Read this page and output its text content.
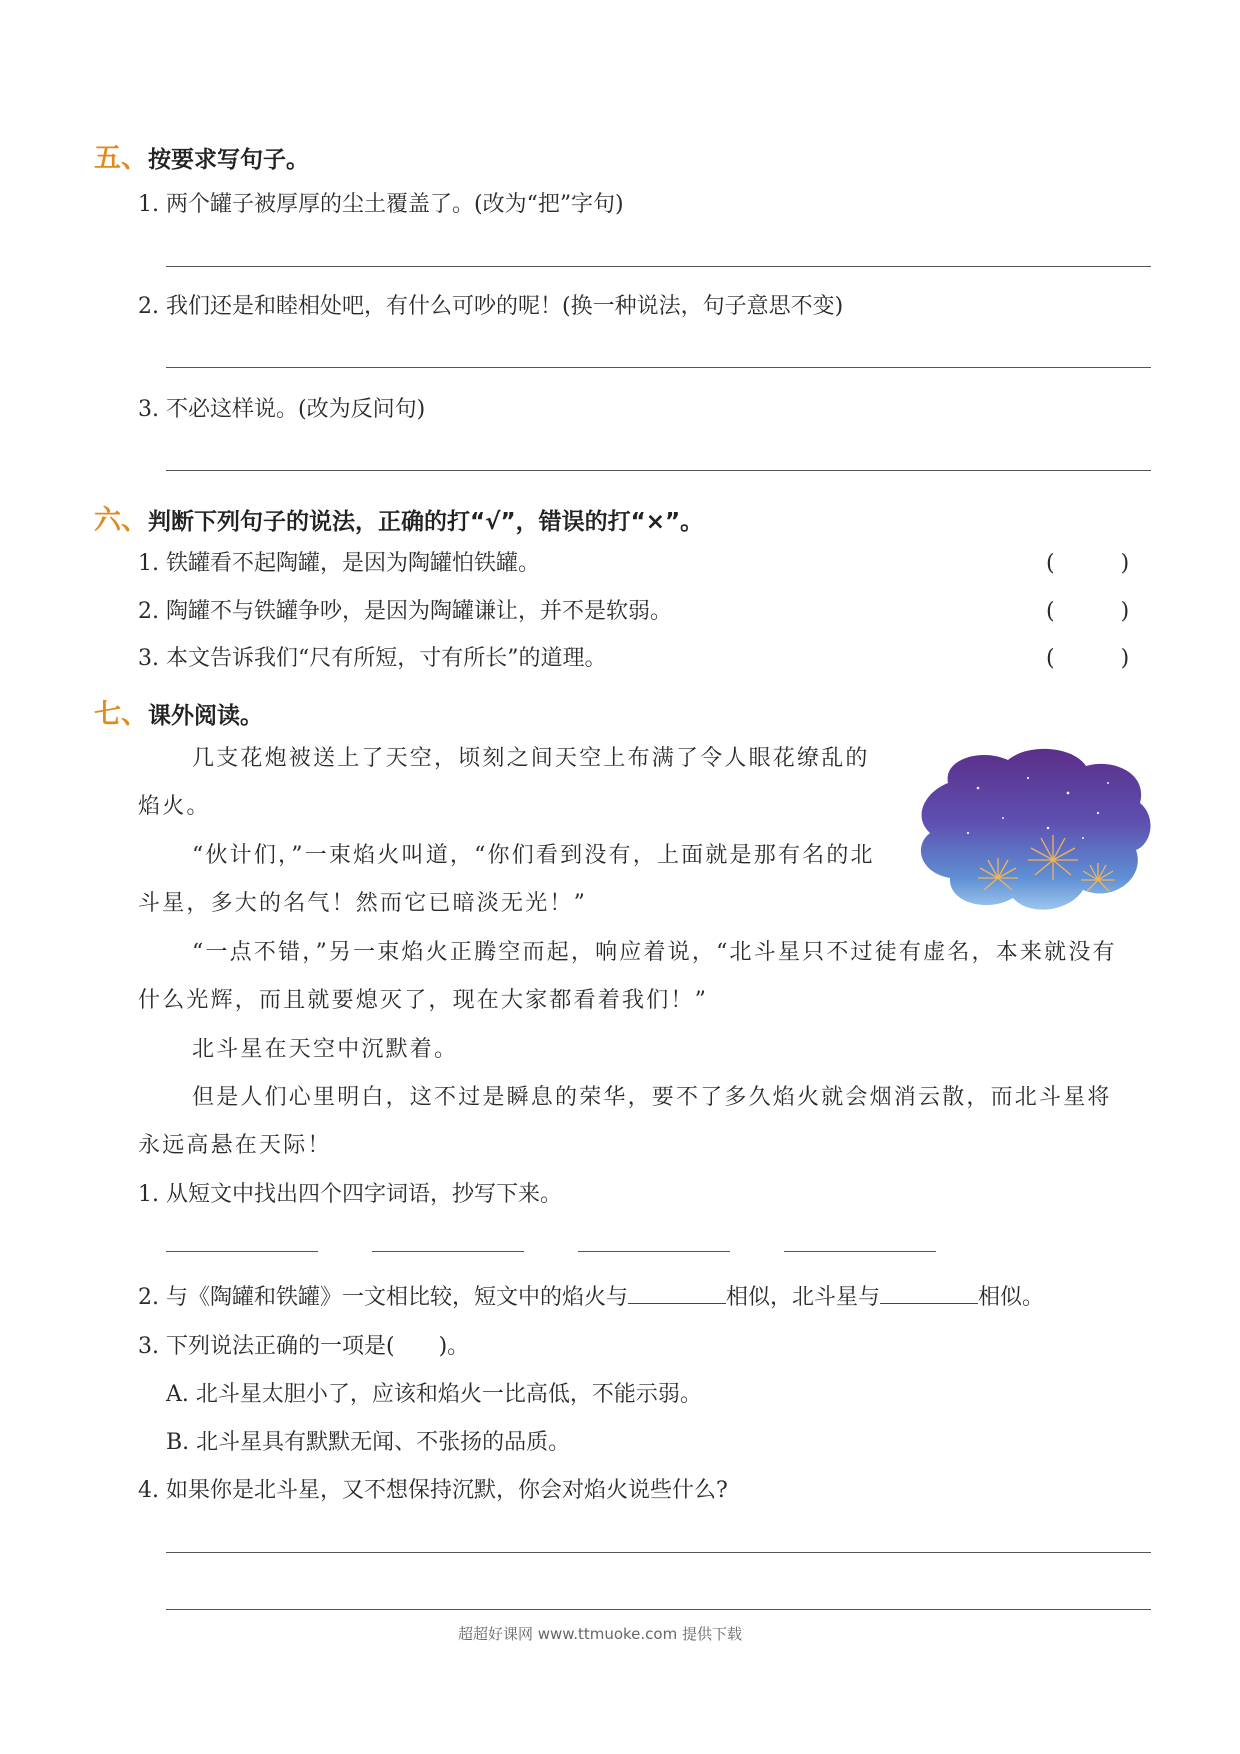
五、按要求写句子。
1. 两个罐子被厚厚的尘土覆盖了。(改为“把”字句)
2. 我们还是和睦相处吧，有什么可吵的呢！(换一种说法，句子意思不变)
3. 不必这样说。(改为反问句)
六、判断下列句子的说法，正确的打“√”，错误的打“×”。
1. 铁罐看不起陶罐，是因为陶罐怕铁罐。	(　　　)
2. 陶罐不与铁罐争吵，是因为陶罐谦让，并不是软弱。	(　　　)
3. 本文告诉我们“尺有所短，寸有所长”的道理。	(　　　)
七、课外阅读。
几支花炮被送上了天空，顷刻之间天空上布满了令人眼花缭乱的
焰火。
“伙计们，”一束焰火叫道，“你们看到没有，上面就是那有名的北
斗星，多大的名气！然而它已暗淡无光！”
“一点不错，”另一束焰火正腾空而起，响应着说，“北斗星只不过徒有虚名，本来就没有
什么光辉，而且就要熄灭了，现在大家都看着我们！”
北斗星在天空中沉默着。
但是人们心里明白，这不过是瞬息的荣华，要不了多久焰火就会烟消云散，而北斗星将
永远高悬在天际！
1. 从短文中找出四个四字词语，抄写下来。
2. 与《陶罐和铁罐》一文相比较，短文中的焰火与	相似，北斗星与	相似。
3. 下列说法正确的一项是(　　)。
A. 北斗星太胆小了，应该和焰火一比高低，不能示弱。
B. 北斗星具有默默无闻、不张扬的品质。
4. 如果你是北斗星，又不想保持沉默，你会对焰火说些什么?
超超好课网 www.ttmuoke.com 提供下载
